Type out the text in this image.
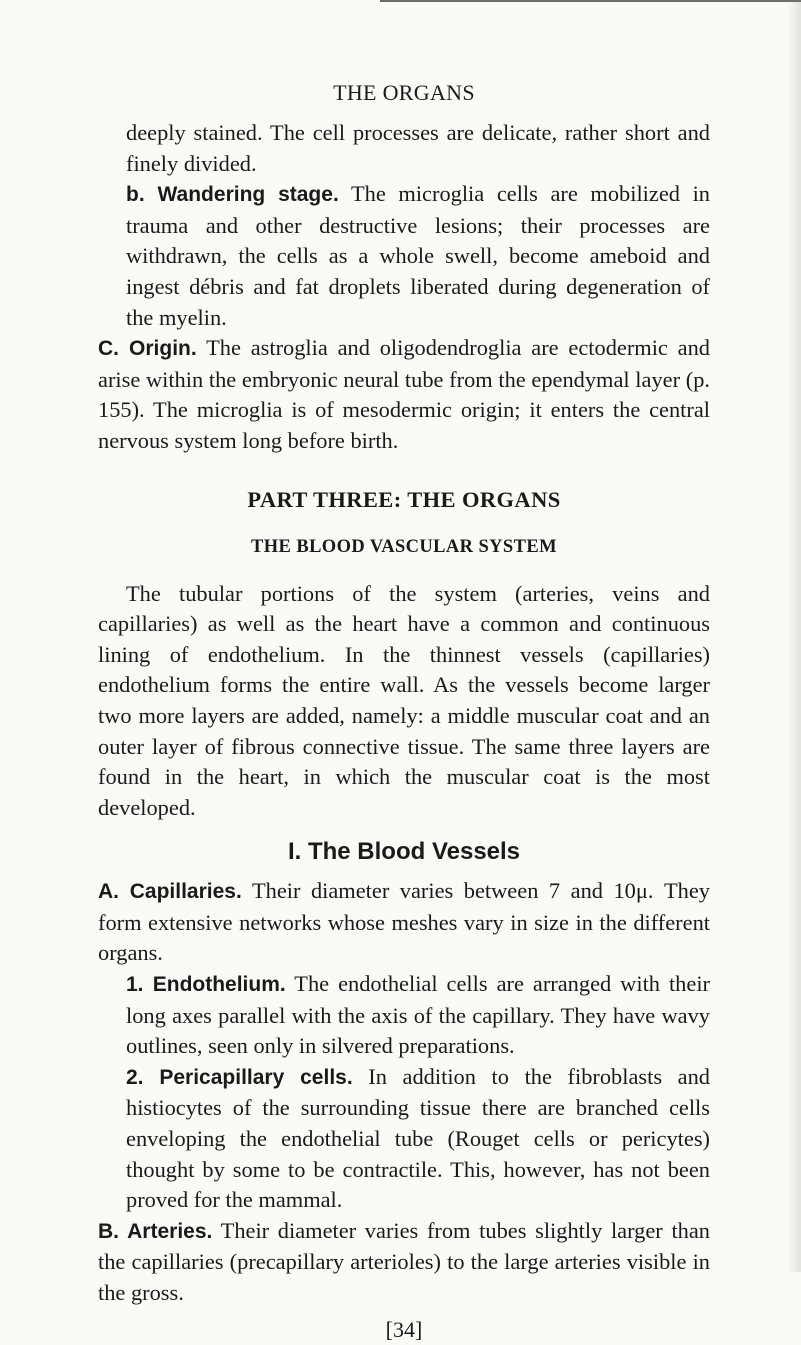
THE ORGANS

deeply stained. The cell processes are delicate, rather short and finely divided.

b. Wandering stage. The microglia cells are mobilized in trauma and other destructive lesions; their processes are withdrawn, the cells as a whole swell, become ameboid and ingest débris and fat droplets liberated during degeneration of the myelin.

C. Origin. The astroglia and oligodendroglia are ectodermic and arise within the embryonic neural tube from the ependymal layer (p. 155). The microglia is of mesodermic origin; it enters the central nervous system long before birth.

PART THREE: THE ORGANS
THE BLOOD VASCULAR SYSTEM

The tubular portions of the system (arteries, veins and capillaries) as well as the heart have a common and continuous lining of endothelium. In the thinnest vessels (capillaries) endothelium forms the entire wall. As the vessels become larger two more layers are added, namely: a middle muscular coat and an outer layer of fibrous connective tissue. The same three layers are found in the heart, in which the muscular coat is the most developed.

I. The Blood Vessels

A. Capillaries. Their diameter varies between 7 and 10μ. They form extensive networks whose meshes vary in size in the different organs.

1. Endothelium. The endothelial cells are arranged with their long axes parallel with the axis of the capillary. They have wavy outlines, seen only in silvered preparations.

2. Pericapillary cells. In addition to the fibroblasts and histiocytes of the surrounding tissue there are branched cells enveloping the endothelial tube (Rouget cells or pericytes) thought by some to be contractile. This, however, has not been proved for the mammal.

B. Arteries. Their diameter varies from tubes slightly larger than the capillaries (precapillary arterioles) to the large arteries visible in the gross.

[34]
